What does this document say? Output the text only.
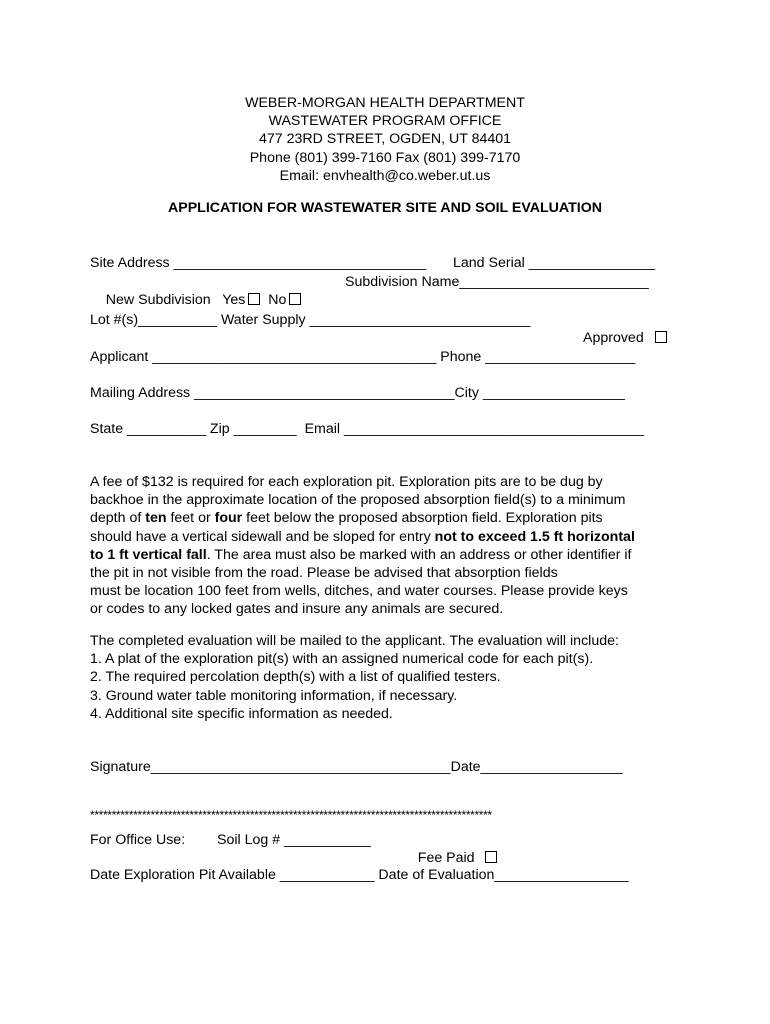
WEBER-MORGAN HEALTH DEPARTMENT
WASTEWATER PROGRAM OFFICE
477 23RD STREET, OGDEN, UT 84401
Phone (801) 399-7160 Fax (801) 399-7170
Email: envhealth@co.weber.ut.us
APPLICATION FOR WASTEWATER SITE AND SOIL EVALUATION
Site Address ________________________________ Land Serial ________________

New Subdivision   Yes No

Subdivision Name________________________
Lot #(s)__________ Water Supply ____________________________

Approved

Applicant ____________________________________ Phone ___________________
Mailing Address _________________________________City __________________
State __________ Zip ________  Email ______________________________________
A fee of $132 is required for each exploration pit. Exploration pits are to be dug by
backhoe in the approximate location of the proposed absorption field(s) to a minimum
depth of ten feet or four feet below the proposed absorption field. Exploration pits
should have a vertical sidewall and be sloped for entry not to exceed 1.5 ft horizontal
to 1 ft vertical fall. The area must also be marked with an address or other identifier if
the pit in not visible from the road. Please be advised that absorption fields
must be location 100 feet from wells, ditches, and water courses. Please provide keys
or codes to any locked gates and insure any animals are secured.
The completed evaluation will be mailed to the applicant. The evaluation will include:
1. A plat of the exploration pit(s) with an assigned numerical code for each pit(s).
2. The required percolation depth(s) with a list of qualified testers.
3. Ground water table monitoring information, if necessary.
4. Additional site specific information as needed.
Signature______________________________________Date__________________
*********************************************************************************************
For Office Use: Soil Log # ___________

Fee Paid

Date Exploration Pit Available ____________ Date of Evaluation_________________
